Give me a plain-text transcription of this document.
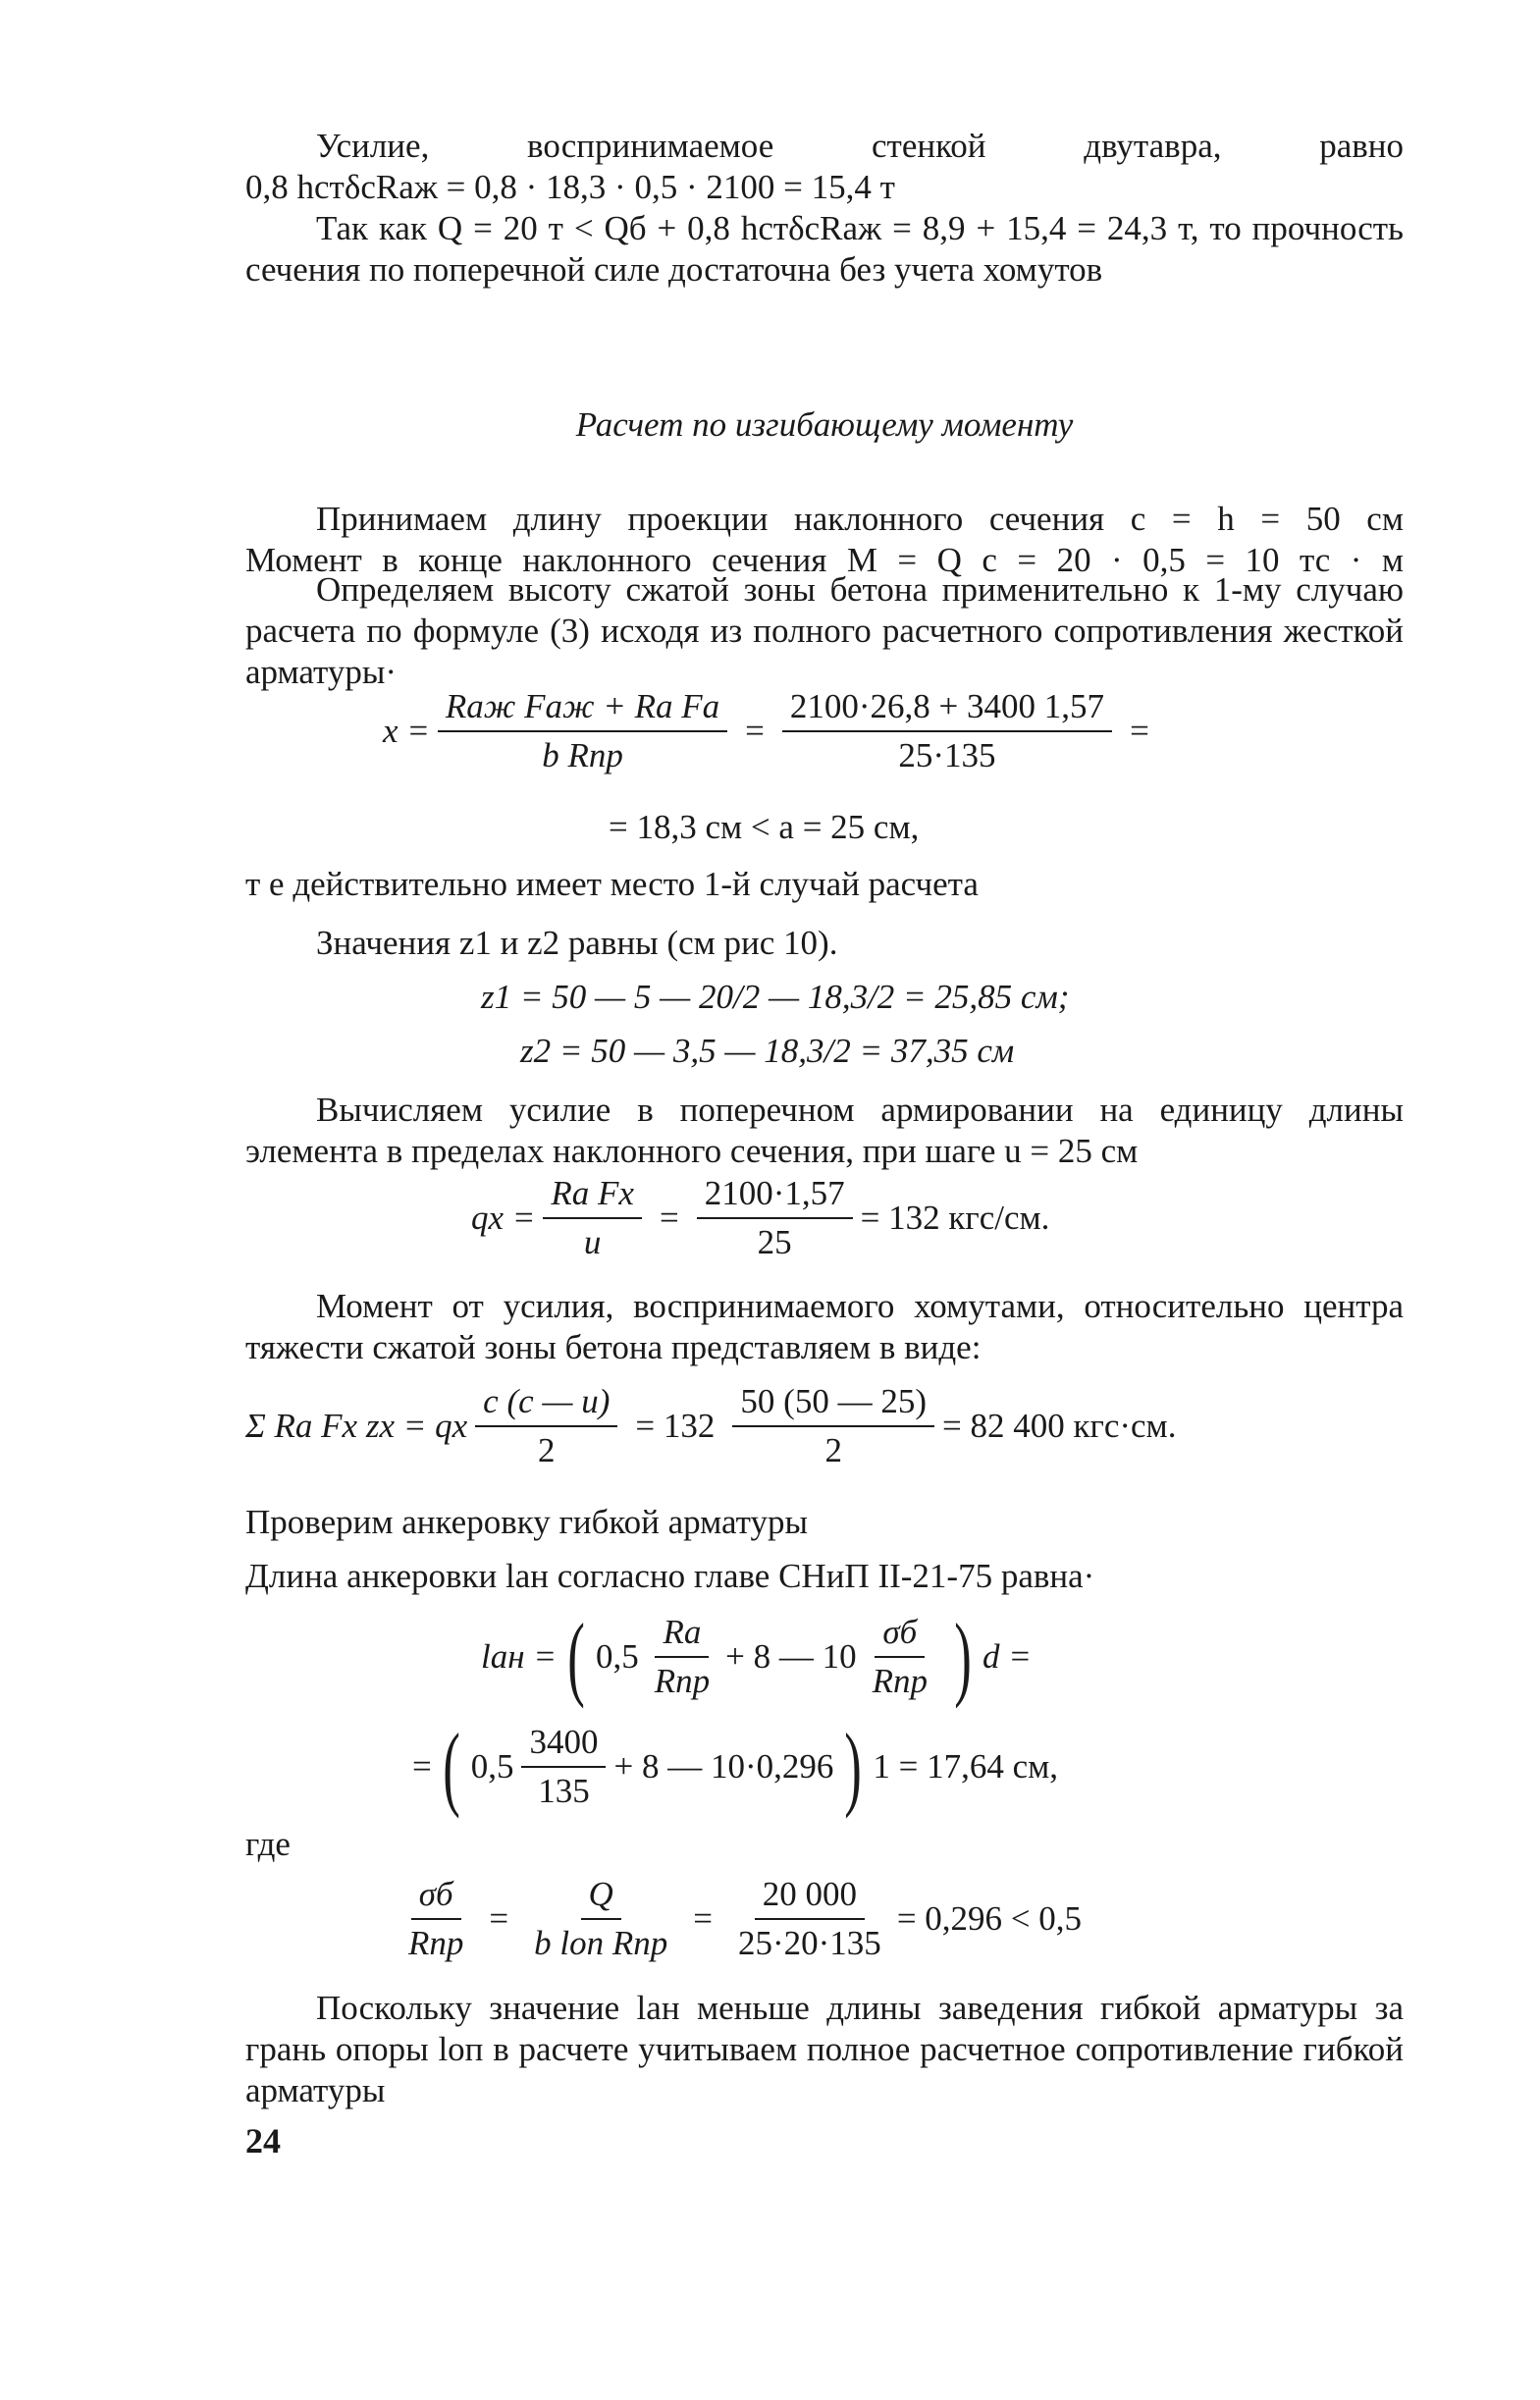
Усилие, воспринимаемое стенкой двутавра, равно

0,8 hстδсRаж = 0,8 · 18,3 · 0,5 · 2100 = 15,4 т

Так как Q = 20 т < Qб + 0,8 hстδсRаж = 8,9 + 15,4 = 24,3 т, то прочность сечения по поперечной силе достаточна без учета хомутов

Расчет по изгибающему моменту

Принимаем длину проекции наклонного сечения c = h = 50 см

Момент в конце наклонного сечения M = Q c = 20 · 0,5 = 10 тс · м

Определяем высоту сжатой зоны бетона применительно к 1-му случаю расчета по формуле (3) исходя из полного расчетного сопротивления жесткой арматуры·

$x = \frac{\text{Rаж Fаж + Rа Fа}}{\text{b Rпр}} = \frac{2100\cdot 26,8 + 3400 1,57}{25\cdot 135}$ =
= 18,3 см < a = 25 см,

т е действительно имеет место 1-й случай расчета

Значения z1 и z2 равны (см рис 10).

z1 = 50 — 5 — 20/2 — 18,3/2 = 25,85 см;
z2 = 50 — 3,5 — 18,3/2 = 37,35 см

Вычисляем усилие в поперечном армировании на единицу длины элемента в пределах наклонного сечения, при шаге u = 25 см

qx = $\frac{\text{Rа Fх}}{u} = \frac{2100\cdot 1,57}{25} = 132$ кгс/см.

Момент от усилия, воспринимаемого хомутами, относительно центра тяжести сжатой зоны бетона представляем в виде:

Σ Rа Fх zх = qх $\frac{c (c — u)}{2} = 132 \frac{50 (50 — 25)}{2} = 82$ 400 кгс·см.

Проверим анкеровку гибкой арматуры

Длина анкеровки lан согласно главе СНиП II-21-75 равна·

lан = ( $0,5 \frac{Rа}{\text{Rпр}} + 8$ — $10 \frac{\sigma б}{\text{Rпр}}$ ) d =
= ( $0,5 \frac{3400}{135} + 8$ — 10·0,296 ) 1 = 17,64 см,

где

$\frac{\sigma б}{\text{Rпр}} = \frac{Q}{\text{b lоп Rпр}} = \frac{20 000}{25\cdot 20\cdot 135} = 0,296 < 0,5$

Поскольку значение lан меньше длины заведения гибкой арматуры за грань опоры lоп в расчете учитываем полное расчетное сопротивление гибкой арматуры

24
